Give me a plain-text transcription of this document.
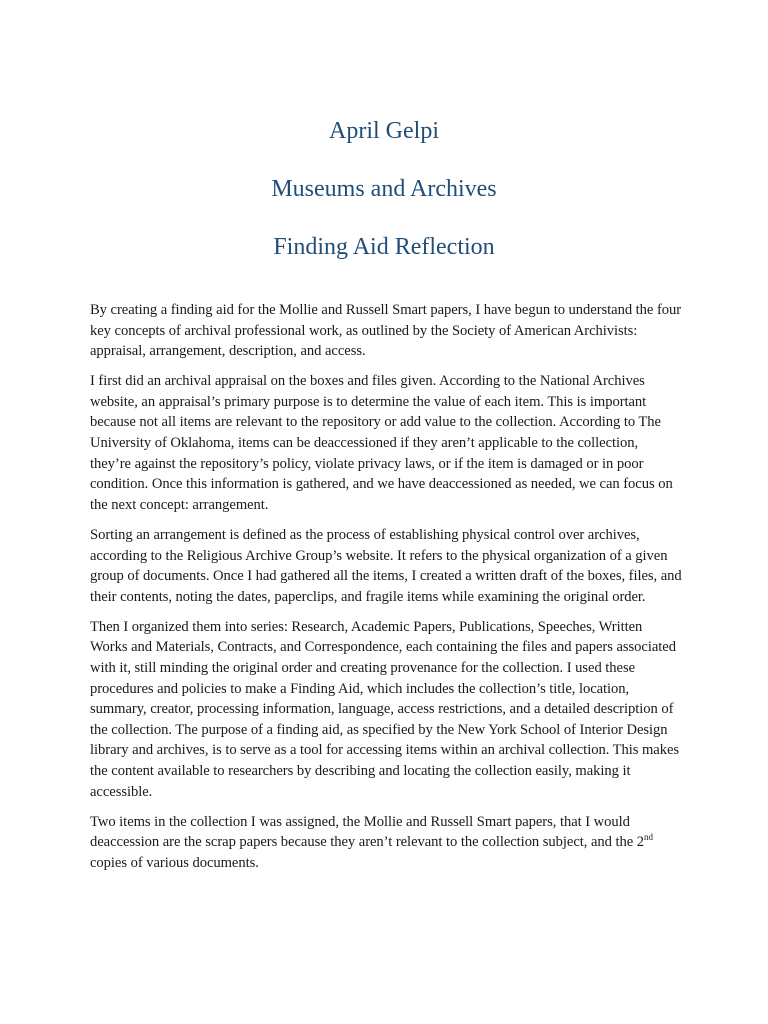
April Gelpi
Museums and Archives
Finding Aid Reflection

By creating a finding aid for the Mollie and Russell Smart papers, I have begun to understand the four key concepts of archival professional work, as outlined by the Society of American Archivists: appraisal, arrangement, description, and access.

I first did an archival appraisal on the boxes and files given. According to the National Archives website, an appraisal’s primary purpose is to determine the value of each item. This is important because not all items are relevant to the repository or add value to the collection. According to The University of Oklahoma, items can be deaccessioned if they aren’t applicable to the collection, they’re against the repository’s policy, violate privacy laws, or if the item is damaged or in poor condition. Once this information is gathered, and we have deaccessioned as needed, we can focus on the next concept: arrangement.

Sorting an arrangement is defined as the process of establishing physical control over archives, according to the Religious Archive Group’s website. It refers to the physical organization of a given group of documents. Once I had gathered all the items, I created a written draft of the boxes, files, and their contents, noting the dates, paperclips, and fragile items while examining the original order.

Then I organized them into series: Research, Academic Papers, Publications, Speeches, Written Works and Materials, Contracts, and Correspondence, each containing the files and papers associated with it, still minding the original order and creating provenance for the collection. I used these procedures and policies to make a Finding Aid, which includes the collection’s title, location, summary, creator, processing information, language, access restrictions, and a detailed description of the collection. The purpose of a finding aid, as specified by the New York School of Interior Design library and archives, is to serve as a tool for accessing items within an archival collection. This makes the content available to researchers by describing and locating the collection easily, making it accessible.

Two items in the collection I was assigned, the Mollie and Russell Smart papers, that I would deaccession are the scrap papers because they aren’t relevant to the collection subject, and the 2nd copies of various documents.
